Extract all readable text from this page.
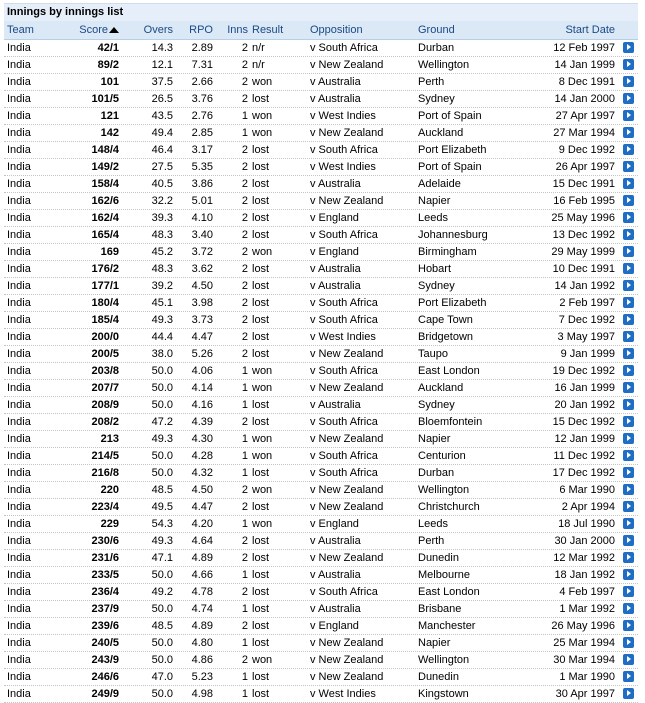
Innings by innings list
Team	Score	Overs	RPO	Inns Result	Opposition	Ground	Start Date
India	42/1	14.3	2.89	2 n/r	v South Africa	Durban	12 Feb 1997
India	89/2	12.1	7.31	2 n/r	v New Zealand	Wellington	14 Jan 1999
India	101	37.5	2.66	2 won	v Australia	Perth	8 Dec 1991
India	101/5	26.5	3.76	2 lost	v Australia	Sydney	14 Jan 2000
India	121	43.5	2.76	1 won	v West Indies	Port of Spain	27 Apr 1997
India	142	49.4	2.85	1 won	v New Zealand	Auckland	27 Mar 1994
India	148/4	46.4	3.17	2 lost	v South Africa	Port Elizabeth	9 Dec 1992
India	149/2	27.5	5.35	2 lost	v West Indies	Port of Spain	26 Apr 1997
India	158/4	40.5	3.86	2 lost	v Australia	Adelaide	15 Dec 1991
India	162/6	32.2	5.01	2 lost	v New Zealand	Napier	16 Feb 1995
India	162/4	39.3	4.10	2 lost	v England	Leeds	25 May 1996
India	165/4	48.3	3.40	2 lost	v South Africa	Johannesburg	13 Dec 1992
India	169	45.2	3.72	2 won	v England	Birmingham	29 May 1999
India	176/2	48.3	3.62	2 lost	v Australia	Hobart	10 Dec 1991
India	177/1	39.2	4.50	2 lost	v Australia	Sydney	14 Jan 1992
India	180/4	45.1	3.98	2 lost	v South Africa	Port Elizabeth	2 Feb 1997
India	185/4	49.3	3.73	2 lost	v South Africa	Cape Town	7 Dec 1992
India	200/0	44.4	4.47	2 lost	v West Indies	Bridgetown	3 May 1997
India	200/5	38.0	5.26	2 lost	v New Zealand	Taupo	9 Jan 1999
India	203/8	50.0	4.06	1 won	v South Africa	East London	19 Dec 1992
India	207/7	50.0	4.14	1 won	v New Zealand	Auckland	16 Jan 1999
India	208/9	50.0	4.16	1 lost	v Australia	Sydney	20 Jan 1992
India	208/2	47.2	4.39	2 lost	v South Africa	Bloemfontein	15 Dec 1992
India	213	49.3	4.30	1 won	v New Zealand	Napier	12 Jan 1999
India	214/5	50.0	4.28	1 won	v South Africa	Centurion	11 Dec 1992
India	216/8	50.0	4.32	1 lost	v South Africa	Durban	17 Dec 1992
India	220	48.5	4.50	2 won	v New Zealand	Wellington	6 Mar 1990
India	223/4	49.5	4.47	2 lost	v New Zealand	Christchurch	2 Apr 1994
India	229	54.3	4.20	1 won	v England	Leeds	18 Jul 1990
India	230/6	49.3	4.64	2 lost	v Australia	Perth	30 Jan 2000
India	231/6	47.1	4.89	2 lost	v New Zealand	Dunedin	12 Mar 1992
India	233/5	50.0	4.66	1 lost	v Australia	Melbourne	18 Jan 1992
India	236/4	49.2	4.78	2 lost	v South Africa	East London	4 Feb 1997
India	237/9	50.0	4.74	1 lost	v Australia	Brisbane	1 Mar 1992
India	239/6	48.5	4.89	2 lost	v England	Manchester	26 May 1996
India	240/5	50.0	4.80	1 lost	v New Zealand	Napier	25 Mar 1994
India	243/9	50.0	4.86	2 won	v New Zealand	Wellington	30 Mar 1994
India	246/6	47.0	5.23	1 lost	v New Zealand	Dunedin	1 Mar 1990
India	249/9	50.0	4.98	1 lost	v West Indies	Kingstown	30 Apr 1997
